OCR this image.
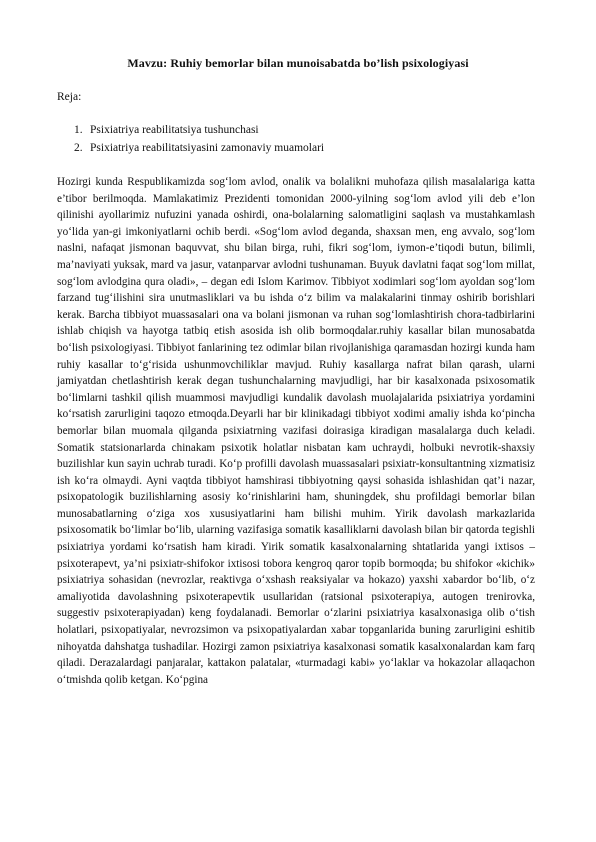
Mavzu: Ruhiy bemorlar bilan munoisabatda bo’lish psixologiyasi

Reja:

1. Psixiatriya reabilitatsiya tushunchasi
2. Psixiatriya reabilitatsiyasini zamonaviy muamolari

Hozirgi kunda Respublikamizda sog‘lom avlod, onalik va bolalikni muhofaza qilish masalalariga katta e’tibor berilmoqda. Mamlakatimiz Prezidenti tomonidan 2000-yilning sog‘lom avlod yili deb e’lon qilinishi ayollarimiz nufuzini yanada oshirdi, ona-bolalarning salomatligini saqlash va mustahkamlash yo‘lida yan-gi imkoniyatlarni ochib berdi. «Sog‘lom avlod deganda, shaxsan men, eng avvalo, sog‘lom naslni, nafaqat jismonan baquvvat, shu bilan birga, ruhi, fikri sog‘lom, iymon-e’tiqodi butun, bilimli, ma’naviyati yuksak, mard va jasur, vatanparvar avlodni tushunaman. Buyuk davlatni faqat sog‘lom millat, sog‘lom avlodgina qura oladi», – degan edi Islom Karimov. Tibbiyot xodimlari sog‘lom ayoldan sog‘lom farzand tug‘ilishini sira unutmasliklari va bu ishda o‘z bilim va malakalarini tinmay oshirib borishlari kerak. Barcha tibbiyot muassasalari ona va bolani jismonan va ruhan sog‘lomlashtirish chora-tadbirlarini ishlab chiqish va hayotga tatbiq etish asosida ish olib bormoqdalar.ruhiy kasallar bilan munosabatda bo‘lish psixologiyasi. Tibbiyot fanlarining tez odimlar bilan rivojlanishiga qaramasdan hozirgi kunda ham ruhiy kasallar to‘g‘risida ushunmovchiliklar mavjud. Ruhiy kasallarga nafrat bilan qarash, ularni jamiyatdan chetlashtirish kerak degan tushunchalarning mavjudligi, har bir kasalxonada psixosomatik bo‘limlarni tashkil qilish muammosi mavjudligi kundalik davolash muolajalarida psixiatriya yordamini ko‘rsatish zarurligini taqozo etmoqda.Deyarli har bir klinikadagi tibbiyot xodimi amaliy ishda ko‘pincha bemorlar bilan muomala qilganda psixiatrning vazifasi doirasiga kiradigan masalalarga duch keladi. Somatik statsionarlarda chinakam psixotik holatlar nisbatan kam uchraydi, holbuki nevrotik-shaxsiy buzilishlar kun sayin uchrab turadi. Ko‘p profilli davolash muassasalari psixiatr-konsultantning xizmatisiz ish ko‘ra olmaydi. Ayni vaqtda tibbiyot hamshirasi tibbiyotning qaysi sohasida ishlashidan qat’i nazar, psixopatologik buzilishlarning asosiy ko‘rinishlarini ham, shuningdek, shu profildagi bemorlar bilan munosabatlarning o‘ziga xos xususiyatlarini ham bilishi muhim. Yirik davolash markazlarida psixosomatik bo‘limlar bo‘lib, ularning vazifasiga somatik kasalliklarni davolash bilan bir qatorda tegishli psixiatriya yordami ko‘rsatish ham kiradi. Yirik somatik kasalxonalarning shtatlarida yangi ixtisos – psixoterapevt, ya’ni psixiatr-shifokor ixtisosi tobora kengroq qaror topib bormoqda; bu shifokor «kichik» psixiatriya sohasidan (nevrozlar, reaktivga o‘xshash reaksiyalar va hokazo) yaxshi xabardor bo‘lib, o‘z amaliyotida davolashning psixoterapevtik usullaridan (ratsional psixoterapiya, autogen trenirovka, suggestiv psixoterapiyadan) keng foydalanadi. Bemorlar o‘zlarini psixiatriya kasalxonasiga olib o‘tish holatlari, psixopatiyalar, nevrozsimon va psixopatiyalardan xabar topganlarida buning zarurligini eshitib nihoyatda dahshatga tushadilar. Hozirgi zamon psixiatriya kasalxonasi somatik kasalxonalardan kam farq qiladi. Derazalardagi panjaralar, kattakon palatalar, «turmadagi kabi» yo‘laklar va hokazolar allaqachon o‘tmishda qolib ketgan. Ko‘pgina
